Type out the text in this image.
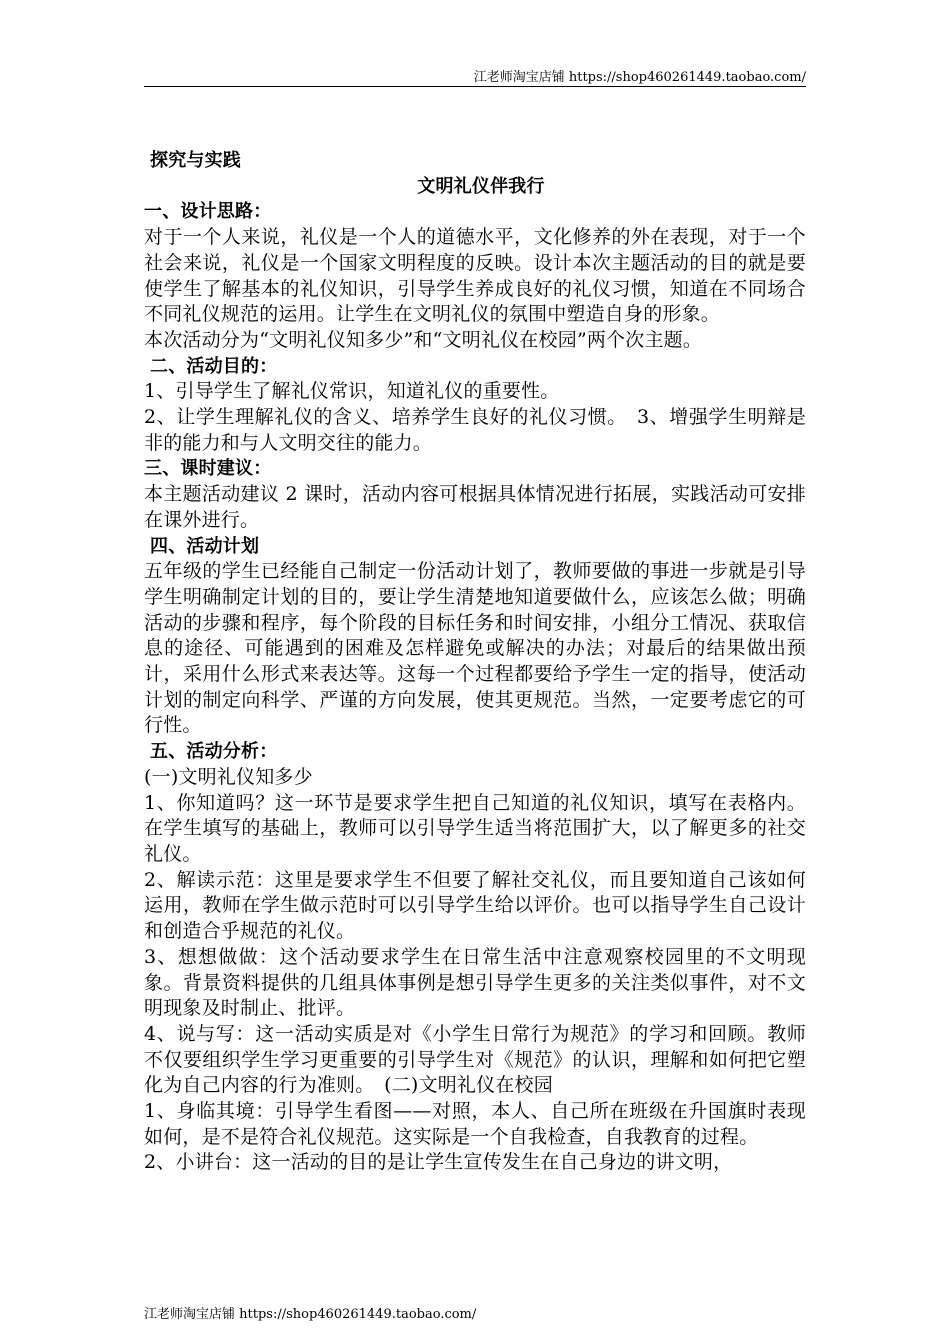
江老师淘宝店铺 https://shop460261449.taobao.com/

探究与实践

文明礼仪伴我行

一、设计思路：

对于一个人来说，礼仪是一个人的道德水平，文化修养的外在表现，对于一个社会来说，礼仪是一个国家文明程度的反映。设计本次主题活动的目的就是要使学生了解基本的礼仪知识，引导学生养成良好的礼仪习惯，知道在不同场合不同礼仪规范的运用。让学生在文明礼仪的氛围中塑造自身的形象。

本次活动分为“文明礼仪知多少”和“文明礼仪在校园”两个次主题。

二、活动目的：

1、引导学生了解礼仪常识，知道礼仪的重要性。

2、让学生理解礼仪的含义、培养学生良好的礼仪习惯。　3、增强学生明辩是非的能力和与人文明交往的能力。

三、课时建议：

本主题活动建议 2 课时，活动内容可根据具体情况进行拓展，实践活动可安排在课外进行。

四、活动计划

五年级的学生已经能自己制定一份活动计划了，教师要做的事进一步就是引导学生明确制定计划的目的，要让学生清楚地知道要做什么，应该怎么做；明确活动的步骤和程序，每个阶段的目标任务和时间安排，小组分工情况、获取信息的途径、可能遇到的困难及怎样避免或解决的办法；对最后的结果做出预计，采用什么形式来表达等。这每一个过程都要给予学生一定的指导，使活动计划的制定向科学、严谨的方向发展，使其更规范。当然，一定要考虑它的可行性。

五、活动分析：

(一)文明礼仪知多少

1、你知道吗？这一环节是要求学生把自己知道的礼仪知识，填写在表格内。在学生填写的基础上，教师可以引导学生适当将范围扩大，以了解更多的社交礼仪。

2、解读示范：这里是要求学生不但要了解社交礼仪，而且要知道自己该如何运用，教师在学生做示范时可以引导学生给以评价。也可以指导学生自己设计和创造合乎规范的礼仪。

3、想想做做：这个活动要求学生在日常生活中注意观察校园里的不文明现象。背景资料提供的几组具体事例是想引导学生更多的关注类似事件，对不文明现象及时制止、批评。

4、说与写：这一活动实质是对《小学生日常行为规范》的学习和回顾。教师不仅要组织学生学习更重要的引导学生对《规范》的认识，理解和如何把它塑化为自己内容的行为准则。　(二)文明礼仪在校园

1、身临其境：引导学生看图——对照，本人、自己所在班级在升国旗时表现如何，是不是符合礼仪规范。这实际是一个自我检查，自我教育的过程。

2、小讲台：这一活动的目的是让学生宣传发生在自己身边的讲文明，

江老师淘宝店铺 https://shop460261449.taobao.com/
